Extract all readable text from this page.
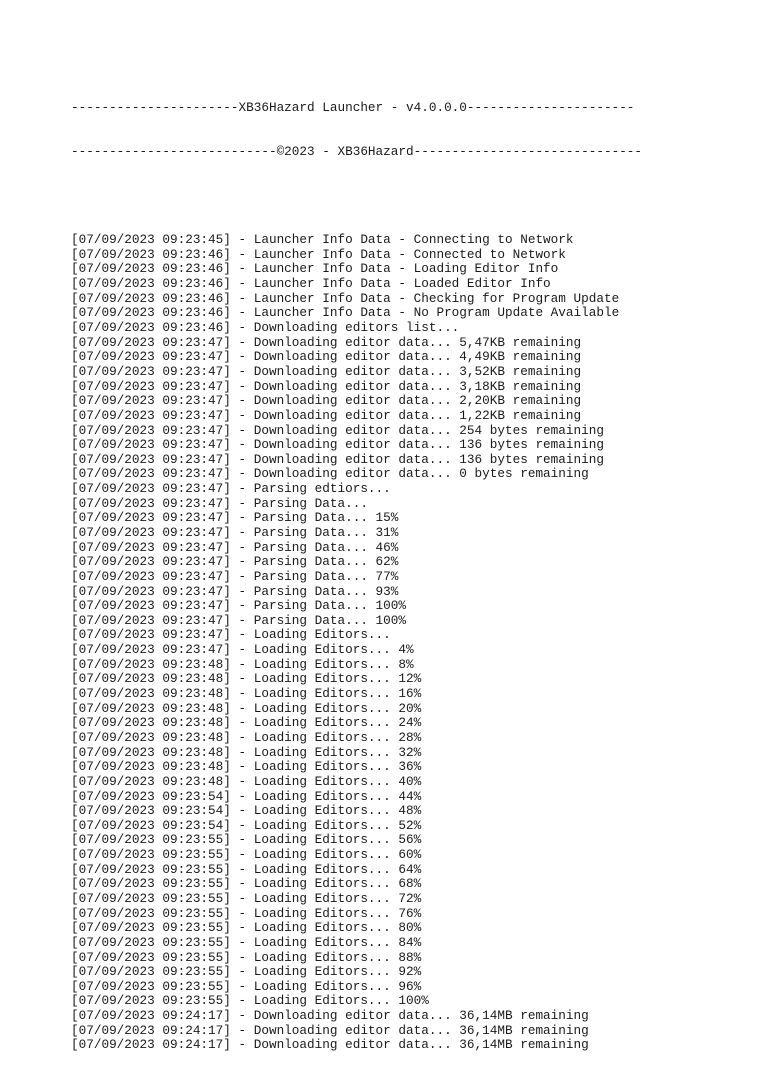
----------------------XB36Hazard Launcher - v4.0.0.0----------------------

---------------------------©2023 - XB36Hazard------------------------------

[07/09/2023 09:23:45] - Launcher Info Data - Connecting to Network
[07/09/2023 09:23:46] - Launcher Info Data - Connected to Network
[07/09/2023 09:23:46] - Launcher Info Data - Loading Editor Info
[07/09/2023 09:23:46] - Launcher Info Data - Loaded Editor Info
[07/09/2023 09:23:46] - Launcher Info Data - Checking for Program Update
[07/09/2023 09:23:46] - Launcher Info Data - No Program Update Available
[07/09/2023 09:23:46] - Downloading editors list...
[07/09/2023 09:23:47] - Downloading editor data... 5,47KB remaining
[07/09/2023 09:23:47] - Downloading editor data... 4,49KB remaining
[07/09/2023 09:23:47] - Downloading editor data... 3,52KB remaining
[07/09/2023 09:23:47] - Downloading editor data... 3,18KB remaining
[07/09/2023 09:23:47] - Downloading editor data... 2,20KB remaining
[07/09/2023 09:23:47] - Downloading editor data... 1,22KB remaining
[07/09/2023 09:23:47] - Downloading editor data... 254 bytes remaining
[07/09/2023 09:23:47] - Downloading editor data... 136 bytes remaining
[07/09/2023 09:23:47] - Downloading editor data... 136 bytes remaining
[07/09/2023 09:23:47] - Downloading editor data... 0 bytes remaining
[07/09/2023 09:23:47] - Parsing edtiors...
[07/09/2023 09:23:47] - Parsing Data...
[07/09/2023 09:23:47] - Parsing Data... 15%
[07/09/2023 09:23:47] - Parsing Data... 31%
[07/09/2023 09:23:47] - Parsing Data... 46%
[07/09/2023 09:23:47] - Parsing Data... 62%
[07/09/2023 09:23:47] - Parsing Data... 77%
[07/09/2023 09:23:47] - Parsing Data... 93%
[07/09/2023 09:23:47] - Parsing Data... 100%
[07/09/2023 09:23:47] - Parsing Data... 100%
[07/09/2023 09:23:47] - Loading Editors...
[07/09/2023 09:23:47] - Loading Editors... 4%
[07/09/2023 09:23:48] - Loading Editors... 8%
[07/09/2023 09:23:48] - Loading Editors... 12%
[07/09/2023 09:23:48] - Loading Editors... 16%
[07/09/2023 09:23:48] - Loading Editors... 20%
[07/09/2023 09:23:48] - Loading Editors... 24%
[07/09/2023 09:23:48] - Loading Editors... 28%
[07/09/2023 09:23:48] - Loading Editors... 32%
[07/09/2023 09:23:48] - Loading Editors... 36%
[07/09/2023 09:23:48] - Loading Editors... 40%
[07/09/2023 09:23:54] - Loading Editors... 44%
[07/09/2023 09:23:54] - Loading Editors... 48%
[07/09/2023 09:23:54] - Loading Editors... 52%
[07/09/2023 09:23:55] - Loading Editors... 56%
[07/09/2023 09:23:55] - Loading Editors... 60%
[07/09/2023 09:23:55] - Loading Editors... 64%
[07/09/2023 09:23:55] - Loading Editors... 68%
[07/09/2023 09:23:55] - Loading Editors... 72%
[07/09/2023 09:23:55] - Loading Editors... 76%
[07/09/2023 09:23:55] - Loading Editors... 80%
[07/09/2023 09:23:55] - Loading Editors... 84%
[07/09/2023 09:23:55] - Loading Editors... 88%
[07/09/2023 09:23:55] - Loading Editors... 92%
[07/09/2023 09:23:55] - Loading Editors... 96%
[07/09/2023 09:23:55] - Loading Editors... 100%
[07/09/2023 09:24:17] - Downloading editor data... 36,14MB remaining
[07/09/2023 09:24:17] - Downloading editor data... 36,14MB remaining
[07/09/2023 09:24:17] - Downloading editor data... 36,14MB remaining
